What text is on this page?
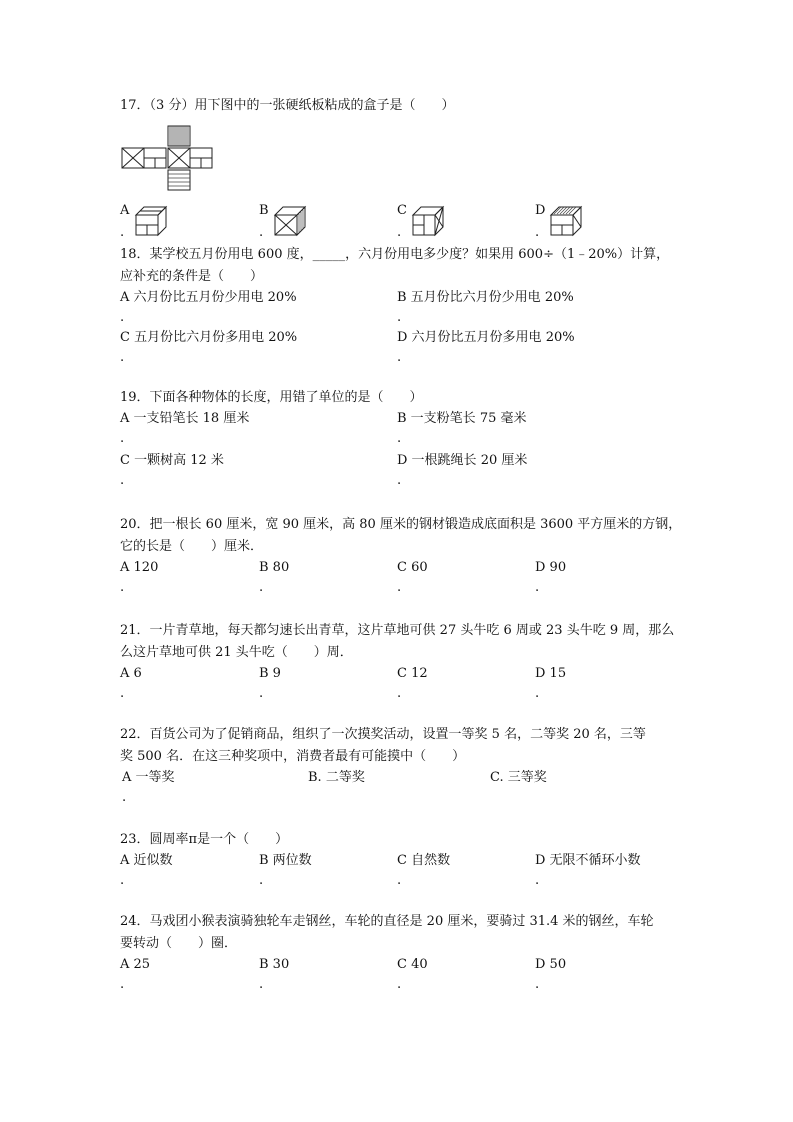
17．（3 分）用下图中的一张硬纸板粘成的盒子是（　　）
A
.
B
.
C
.
D
.
18．某学校五月份用电 600 度，_____，六月份用电多少度？如果用 600÷（1﹣20%）计算，
应补充的条件是（　　）
A 六月份比五月份少用电 20%
.
B 五月份比六月份少用电 20%
.
C 五月份比六月份多用电 20%
.
D 六月份比五月份多用电 20%
.
19．下面各种物体的长度，用错了单位的是（　　）
A 一支铅笔长 18 厘米
.
B 一支粉笔长 75 毫米
.
C 一颗树高 12 米
.
D 一根跳绳长 20 厘米
.
20．把一根长 60 厘米，宽 90 厘米，高 80 厘米的钢材锻造成底面积是 3600 平方厘米的方钢，
它的长是（　　）厘米．
A 120
.
B 80
.
C 60
.
D 90
.
21．一片青草地，每天都匀速长出青草，这片草地可供 27 头牛吃 6 周或 23 头牛吃 9 周，那么
么这片草地可供 21 头牛吃（　　）周．
A 6
.
B 9
.
C 12
.
D 15
.
22．百货公司为了促销商品，组织了一次摸奖活动，设置一等奖 5 名，二等奖 20 名，三等
奖 500 名．在这三种奖项中，消费者最有可能摸中（　　）
A 一等奖
.
B. 二等奖	C. 三等奖
23．圆周率π是一个（　　）
A 近似数
.
B 两位数
.
C 自然数
.
D 无限不循环小数
.
24．马戏团小猴表演骑独轮车走钢丝，车轮的直径是 20 厘米，要骑过 31.4 米的钢丝，车轮
要转动（　　）圈．
A 25
.
B 30
.
C 40
.
D 50
.
